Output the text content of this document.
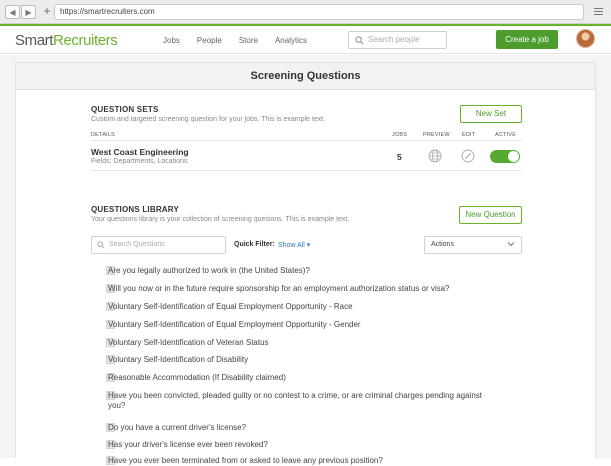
◀	▶ +	https://smartrecruiters.com
SmartRecruiters	Jobs People Store Analytics	Search people	Create a job
Screening Questions
QUESTION SETS
Custom and targeted screening question for your jobs. This is example text.
New Set
DETAILS	JOBS	PREVIEW EDIT	ACTIVE
West Coast Engineering
Fields: Departments, Locations	5
QUESTIONS LIBRARY
Your questions library is your collection of screening quesions. This is example text.
New Question
Search Questions	Quick Filter: Show All ▾	Actions
Are you legally authorized to work in (the United States)?
Will you now or in the future require sponsorship for an employment authorization status or visa?
Voluntary Self-Identification of Equal Employment Opportunity - Race
Voluntary Self-Identification of Equal Employment Opportunity - Gender
Voluntary Self-Identification of Veteran Status
Voluntary Self-Identification of Disability
Reasonable Accommodation (If Disability claimed)
Have you been convicted, pleaded guilty or no contest to a crime, or are criminal charges pending against you?
Do you have a current driver's license?
Has your driver's license ever been revoked?
Have you ever been terminated from or asked to leave any previous position?
